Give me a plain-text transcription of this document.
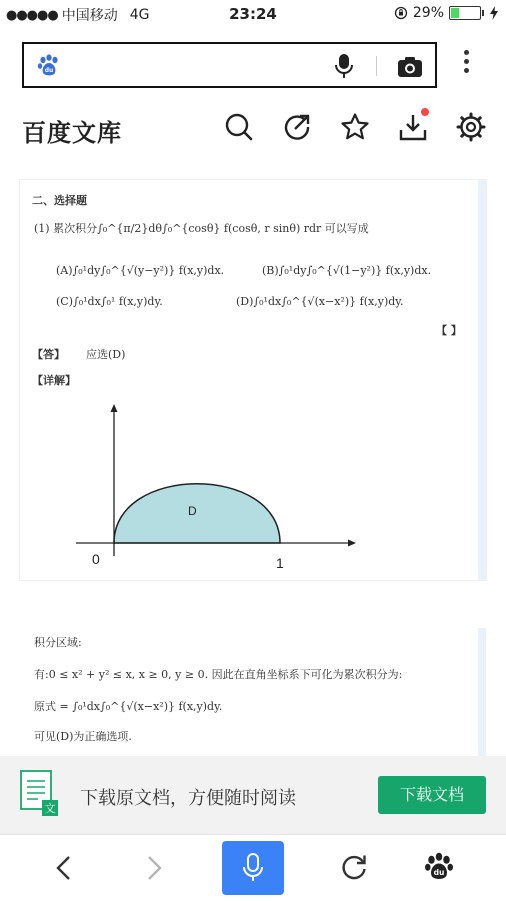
●●●●● 中国移动 4G	23:24	29%
du
百度文库
二、选择题
(1) 累次积分∫₀^{π/2}dθ∫₀^{cosθ} f(cosθ, r sinθ) rdr 可以写成
(A)∫₀¹dy∫₀^{√(y−y²)} f(x,y)dx.	(B)∫₀¹dy∫₀^{√(1−y²)} f(x,y)dx.
(C)∫₀¹dx∫₀¹ f(x,y)dy.	(D)∫₀¹dx∫₀^{√(x−x²)} f(x,y)dy.
【 】
【答】 应选(D)
【详解】
D
0	1
积分区域:
有:0 ≤ x² + y² ≤ x, x ≥ 0, y ≥ 0. 因此在直角坐标系下可化为累次积分为:
原式 = ∫₀¹dx∫₀^{√(x−x²)} f(x,y)dy.
可见(D)为正确选项.
文 下载原文档，方便随时阅读	下载文档
du
